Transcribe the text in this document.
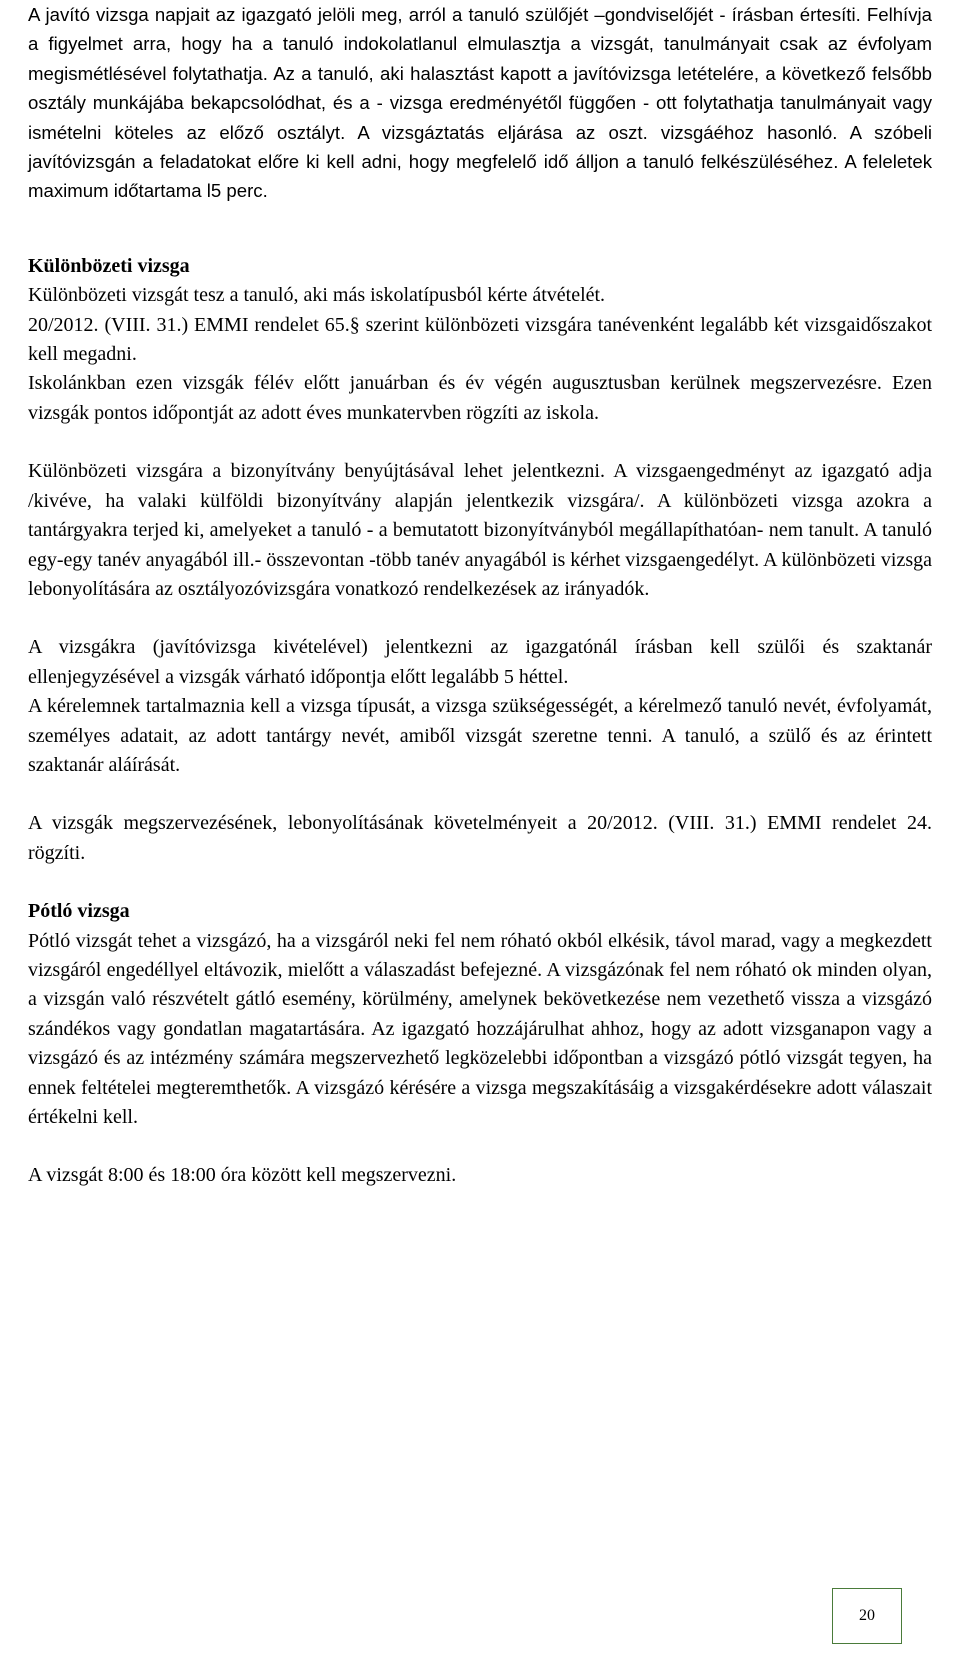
A javító vizsga napjait az igazgató jelöli meg, arról a tanuló szülőjét –gondviselőjét - írásban értesíti. Felhívja a figyelmet arra, hogy ha a tanuló indokolatlanul elmulasztja a vizsgát, tanulmányait csak az évfolyam megismétlésével folytathatja. Az a tanuló, aki halasztást kapott a javítóvizsga letételére, a következő felsőbb osztály munkájába bekapcsolódhat, és a - vizsga eredményétől függően - ott folytathatja tanulmányait vagy ismételni köteles az előző osztályt. A vizsgáztatás eljárása az oszt. vizsgáéhoz hasonló. A szóbeli javítóvizsgán a feladatokat előre ki kell adni, hogy megfelelő idő álljon a tanuló felkészüléséhez. A feleletek maximum időtartama l5 perc.

Különbözeti vizsga

Különbözeti vizsgát tesz a tanuló, aki más iskolatípusból kérte átvételét.

20/2012. (VIII. 31.) EMMI rendelet 65.§ szerint különbözeti vizsgára tanévenként legalább két vizsgaidőszakot kell megadni.

Iskolánkban ezen vizsgák félév előtt januárban és év végén augusztusban kerülnek megszervezésre. Ezen vizsgák pontos időpontját az adott éves munkatervben rögzíti az iskola.

Különbözeti vizsgára a bizonyítvány benyújtásával lehet jelentkezni. A vizsgaengedményt az igazgató adja /kivéve, ha valaki külföldi bizonyítvány alapján jelentkezik vizsgára/. A különbözeti vizsga azokra a tantárgyakra terjed ki, amelyeket a tanuló - a bemutatott bizonyítványból megállapíthatóan- nem tanult. A tanuló egy-egy tanév anyagából ill.- összevontan -több tanév anyagából is kérhet vizsgaengedélyt. A különbözeti vizsga lebonyolítására az osztályozóvizsgára vonatkozó rendelkezések az irányadók.

A vizsgákra (javítóvizsga kivételével) jelentkezni az igazgatónál írásban kell szülői és szaktanár ellenjegyzésével a vizsgák várható időpontja előtt legalább 5 héttel.

A kérelemnek tartalmaznia kell a vizsga típusát, a vizsga szükségességét, a kérelmező tanuló nevét, évfolyamát, személyes adatait, az adott tantárgy nevét, amiből vizsgát szeretne tenni. A tanuló, a szülő és az érintett szaktanár aláírását.

A vizsgák megszervezésének, lebonyolításának követelményeit a 20/2012. (VIII. 31.) EMMI rendelet 24. rögzíti.

Pótló vizsga

Pótló vizsgát tehet a vizsgázó, ha a vizsgáról neki fel nem róható okból elkésik, távol marad, vagy a megkezdett vizsgáról engedéllyel eltávozik, mielőtt a válaszadást befejezné. A vizsgázónak fel nem róható ok minden olyan, a vizsgán való részvételt gátló esemény, körülmény, amelynek bekövetkezése nem vezethető vissza a vizsgázó szándékos vagy gondatlan magatartására. Az igazgató hozzájárulhat ahhoz, hogy az adott vizsganapon vagy a vizsgázó és az intézmény számára megszervezhető legközelebbi időpontban a vizsgázó pótló vizsgát tegyen, ha ennek feltételei megteremthetők. A vizsgázó kérésére a vizsga megszakításáig a vizsgakérdésekre adott válaszait értékelni kell.

A vizsgát 8:00 és 18:00 óra között kell megszervezni.

20
